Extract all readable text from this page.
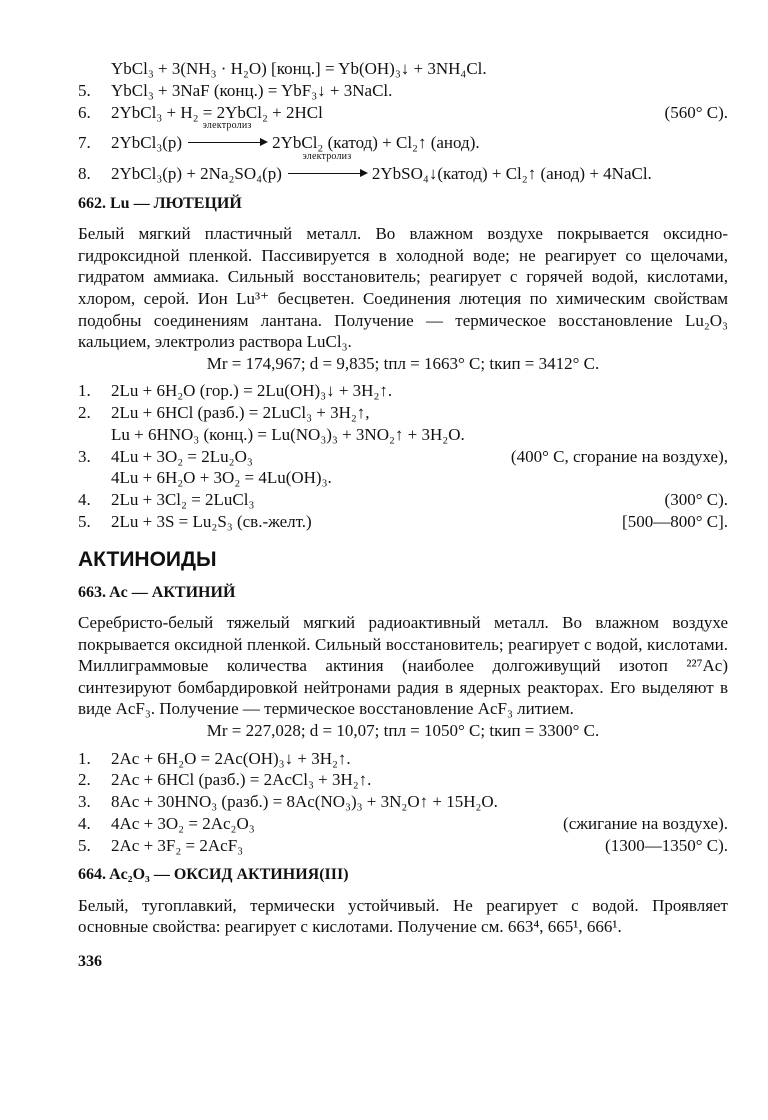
YbCl₃ + 3(NH₃ · H₂O) [конц.] = Yb(OH)₃↓ + 3NH₄Cl.
5.	YbCl₃ + 3NaF (конц.) = YbF₃↓ + 3NaCl.
6.	2YbCl₃ + H₂ = 2YbCl₂ + 2HCl	(560° C).
7.	2YbCl₃(р)
электролиз
2YbCl₂ (катод) + Cl₂↑ (анод).
8.	2YbCl₃(р) + 2Na₂SO₄(р)
электролиз
2YbSO₄↓(катод) + Cl₂↑ (анод) + 4NaCl.

662. Lu — ЛЮТЕЦИЙ

Белый мягкий пластичный металл. Во влажном воздухе покрывается оксидно-гидроксидной пленкой. Пассивируется в холодной воде; не реагирует со щелочами, гидратом аммиака. Сильный восстановитель; реагирует с горячей водой, кислотами, хлором, серой. Ион Lu³⁺ бесцветен. Соединения лютеция по химическим свойствам подобны соединениям лантана. Получение — термическое восстановление Lu₂O₃ кальцием, электролиз раствора LuCl₃.

Mr = 174,967; d = 9,835; tпл = 1663° C; tкип = 3412° C.

1.	2Lu + 6H₂O (гор.) = 2Lu(OH)₃↓ + 3H₂↑.
2.	2Lu + 6HCl (разб.) = 2LuCl₃ + 3H₂↑,
Lu + 6HNO₃ (конц.) = Lu(NO₃)₃ + 3NO₂↑ + 3H₂O.
3.	4Lu + 3O₂ = 2Lu₂O₃	(400° C, сгорание на воздухе),
4Lu + 6H₂O + 3O₂ = 4Lu(OH)₃.
4.	2Lu + 3Cl₂ = 2LuCl₃	(300° C).
5.	2Lu + 3S = Lu₂S₃ (св.-желт.)	[500—800° C].

АКТИНОИДЫ

663. Ac — АКТИНИЙ

Серебристо-белый тяжелый мягкий радиоактивный металл. Во влажном воздухе покрывается оксидной пленкой. Сильный восстановитель; реагирует с водой, кислотами. Миллиграммовые количества актиния (наиболее долгоживущий изотоп ²²⁷Ac) синтезируют бомбардировкой нейтронами радия в ядерных реакторах. Его выделяют в виде AcF₃. Получение — термическое восстановление AcF₃ литием.

Mr = 227,028; d = 10,07; tпл = 1050° C; tкип = 3300° C.

1.	2Ac + 6H₂O = 2Ac(OH)₃↓ + 3H₂↑.
2.	2Ac + 6HCl (разб.) = 2AcCl₃ + 3H₂↑.
3.	8Ac + 30HNO₃ (разб.) = 8Ac(NO₃)₃ + 3N₂O↑ + 15H₂O.
4.	4Ac + 3O₂ = 2Ac₂O₃	(сжигание на воздухе).
5.	2Ac + 3F₂ = 2AcF₃	(1300—1350° C).

664. Ac₂O₃ — ОКСИД АКТИНИЯ(III)

Белый, тугоплавкий, термически устойчивый. Не реагирует с водой. Проявляет основные свойства: реагирует с кислотами. Получение см. 663⁴, 665¹, 666¹.

336
